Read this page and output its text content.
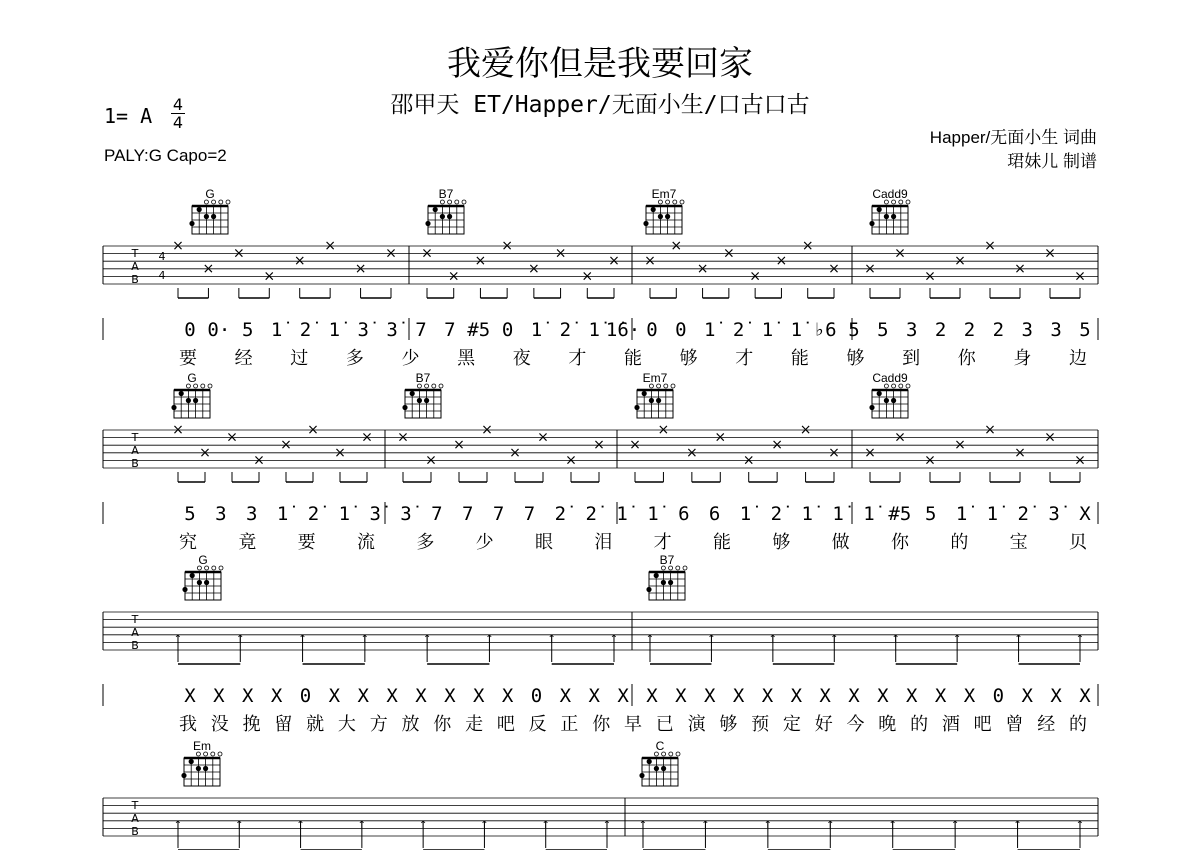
我爱你但是我要回家
邵甲天 ET/Happer/无面小生/口古口古
1= A	4
4
PALY:G Capo=2
Happer/无面小生 词曲
珺妹儿 制谱
G	B7	Em7	Cadd9
T
A
B
4
4
×
×
×
×
×
×
×
× ×
×
×
×
×
×
×
× ×
×
×
×
×
×
×
× ×
×
×
×
×
×
×
×
0 0· 5 1̇ 2̇ 1̇ 3̇ 3̇ 7 7 #5 0 1̇ 2̇ 1̇ 1̇6· 0 0 1̇ 2̇ 1̇ 1̇ ♭6 5 5 3 2 2 2 3 3 5
要 经 过 多 少 黑 夜 才 能 够 才 能 够 到 你 身 边
G	B7	Em7	Cadd9
T
A
B
×
×
×
×
×
×
×
× ×
×
×
×
×
×
×
× ×
×
×
×
×
×
×
× ×
×
×
×
×
×
×
×
5 3 3 1̇	2̇	1̇	3̇	3̇	7 7 7 7 2̇	2̇	1̇	1̇	6 6 1̇	2̇	1̇	1̇	1̇ #5 5 1̇	1̇	2̇	3̇	X
究 竟 要 流 多 少 眼 泪 才 能 够 做 你 的 宝 贝
G	B7
T
A
B	↑	↑	↑	↑	↑	↑	↑	↑	↑	↑	↑	↑	↑	↑	↑	↑
X X X X 0 X X X X X X X 0 X X X X X X X X X X X X X X X 0 X X X
我 没 挽 留 就 大 方 放 你 走 吧 反 正 你 早 已 演 够 预 定 好 今 晚 的 酒 吧 曾 经 的
Em	C
T
A
B	↑	↑	↑	↑	↑	↑	↑	↑	↑	↑	↑	↑	↑	↑	↑	↑
